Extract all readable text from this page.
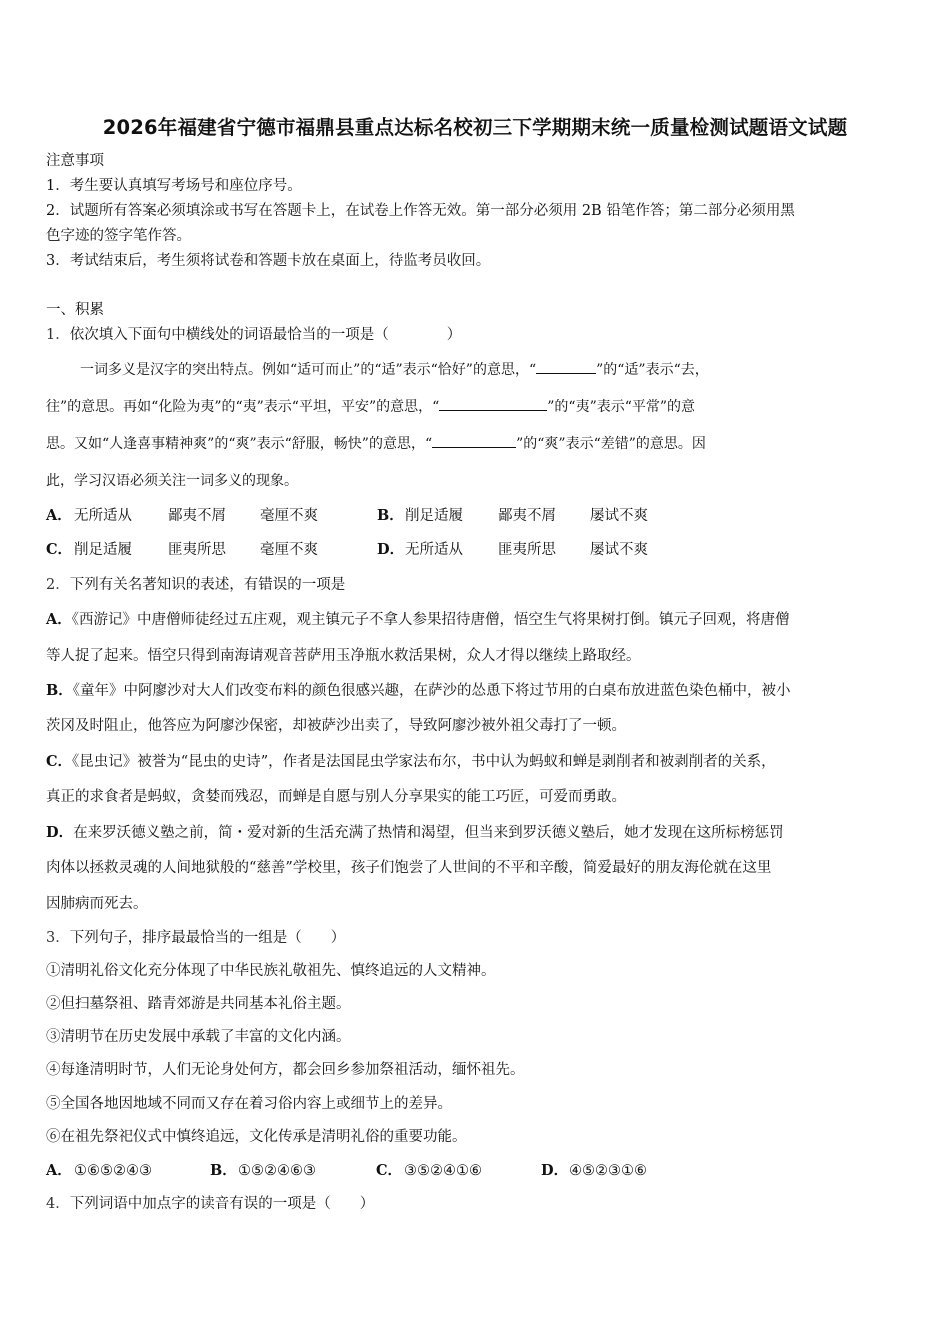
2026年福建省宁德市福鼎县重点达标名校初三下学期期末统一质量检测试题语文试题
注意事项
1．考生要认真填写考场号和座位序号。
2．试题所有答案必须填涂或书写在答题卡上，在试卷上作答无效。第一部分必须用 2B 铅笔作答；第二部分必须用黑
色字迹的签字笔作答。
3．考试结束后，考生须将试卷和答题卡放在桌面上，待监考员收回。
一、积累
1．依次填入下面句中横线处的词语最恰当的一项是（　　　　）
一词多义是汉字的突出特点。例如“适可而止”的“适”表示“恰好”的意思，“	”的“适”表示“去，
往”的意思。再如“化险为夷”的“夷”表示“平坦，平安”的意思，“	”的“夷”表示“平常”的意
思。又如“人逢喜事精神爽”的“爽”表示“舒服，畅快”的意思，“	”的“爽”表示“差错”的意思。因
此，学习汉语必须关注一词多义的现象。
A． 无所适从 鄙夷不屑 毫厘不爽	B． 削足适履 鄙夷不屑 屡试不爽
C． 削足适履 匪夷所思 毫厘不爽	D． 无所适从 匪夷所思 屡试不爽
2．下列有关名著知识的表述，有错误的一项是
A．《西游记》中唐僧师徒经过五庄观，观主镇元子不拿人参果招待唐僧，悟空生气将果树打倒。镇元子回观，将唐僧
等人捉了起来。悟空只得到南海请观音菩萨用玉净瓶水救活果树，众人才得以继续上路取经。
B．《童年》中阿廖沙对大人们改变布料的颜色很感兴趣，在萨沙的怂恿下将过节用的白桌布放进蓝色染色桶中，被小
茨冈及时阻止，他答应为阿廖沙保密，却被萨沙出卖了，导致阿廖沙被外祖父毒打了一顿。
C．《昆虫记》被誉为“昆虫的史诗”，作者是法国昆虫学家法布尔，书中认为蚂蚁和蝉是剥削者和被剥削者的关系，
真正的求食者是蚂蚁，贪婪而残忍，而蝉是自愿与别人分享果实的能工巧匠，可爱而勇敢。
D．在来罗沃德义塾之前，简・爱对新的生活充满了热情和渴望，但当来到罗沃德义塾后，她才发现在这所标榜惩罚
肉体以拯救灵魂的人间地狱般的“慈善”学校里，孩子们饱尝了人世间的不平和辛酸，简爱最好的朋友海伦就在这里
因肺病而死去。
3．下列句子，排序最最恰当的一组是（　　）
①清明礼俗文化充分体现了中华民族礼敬祖先、慎终追远的人文精神。
②但扫墓祭祖、踏青郊游是共同基本礼俗主题。
③清明节在历史发展中承载了丰富的文化内涵。
④每逢清明时节，人们无论身处何方，都会回乡参加祭祖活动，缅怀祖先。
⑤全国各地因地域不同而又存在着习俗内容上或细节上的差异。
⑥在祖先祭祀仪式中慎终追远，文化传承是清明礼俗的重要功能。
A． ①⑥⑤②④③	B． ①⑤②④⑥③	C． ③⑤②④①⑥	D． ④⑤②③①⑥
4．下列词语中加点字的读音有误的一项是（　　）
